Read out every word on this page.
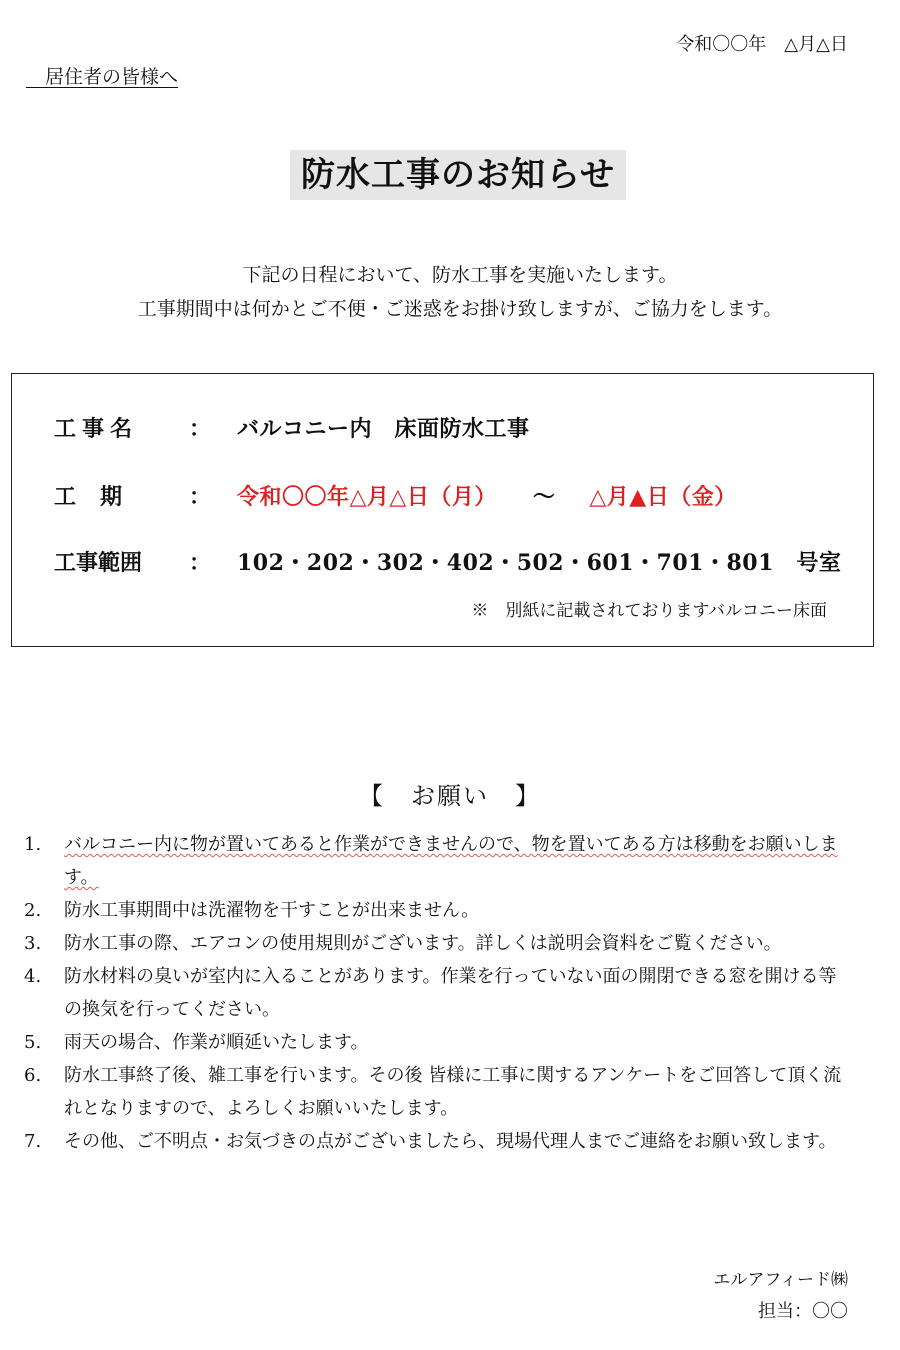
令和〇〇年　△月△日
　居住者の皆様へ
防水工事のお知らせ
下記の日程において、防水工事を実施いたします。
工事期間中は何かとご不便・ご迷惑をお掛け致しますが、ご協力をします。
工事名	：	バルコニー内　床面防水工事
工期	：	令和〇〇年△月△日（月） 〜 △月▲日（金）
工事範囲	：	102・202・302・402・502・601・701・801　号室
※　別紙に記載されておりますバルコニー床面
【　お願い　】
1.	バルコニー内に物が置いてあると作業ができませんので、物を置いてある方は移動をお願いします。
2.	防水工事期間中は洗濯物を干すことが出来ません。
3.	防水工事の際、エアコンの使用規則がございます。詳しくは説明会資料をご覧ください。
4.	防水材料の臭いが室内に入ることがあります。作業を行っていない面の開閉できる窓を開ける等の換気を行ってください。
5.	雨天の場合、作業が順延いたします。
6.	防水工事終了後、雑工事を行います。その後 皆様に工事に関するアンケートをご回答して頂く流れとなりますので、よろしくお願いいたします。
7.	その他、ご不明点・お気づきの点がございましたら、現場代理人までご連絡をお願い致します。
エルアフィード㈱
担当：〇〇
